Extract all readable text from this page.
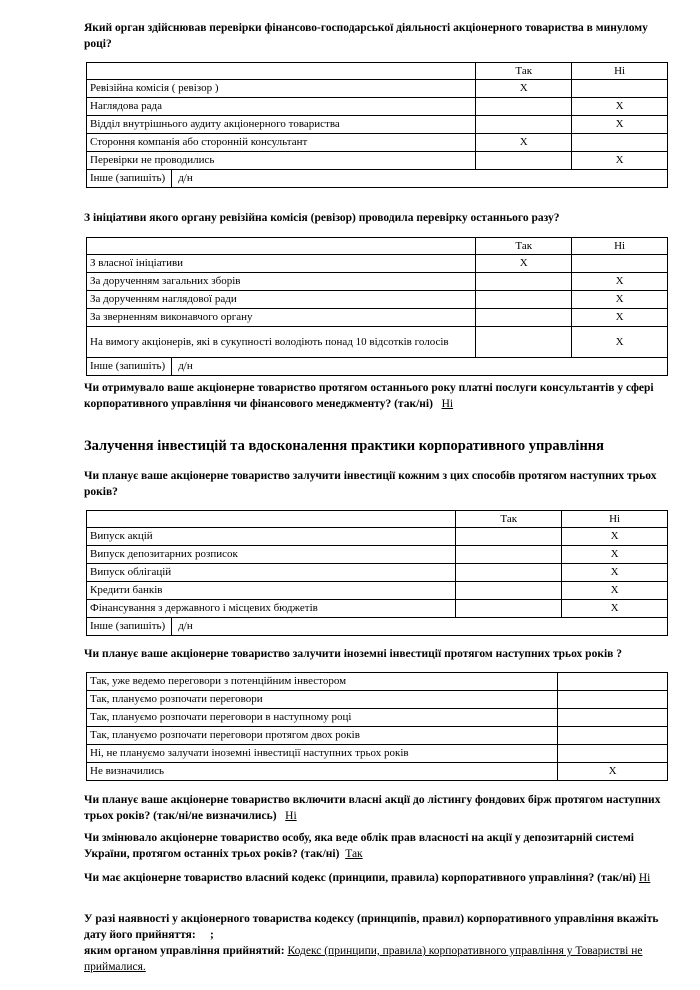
Який орган здійснював перевірки фінансово-господарської діяльності акціонерного товариства в минулому році?
	Так	Ні
Ревізійна комісія ( ревізор )	X	
Наглядова рада		X
Відділ внутрішнього аудиту акціонерного товариства		X
Стороння компанія або сторонній консультант	X	
Перевірки не проводились		X

Інше (запишіть) д/н		
З ініціативи якого органу ревізійна комісія (ревізор) проводила перевірку останнього разу?
	Так	Ні
З власної ініціативи	X	
За дорученням загальних зборів		X
За дорученням наглядової ради		X
За зверненням виконавчого органу		X
На вимогу акціонерів, які в сукупності володіють понад 10 відсотків голосів		X

Інше (запишіть) д/н		
Чи отримувало ваше акціонерне товариство протягом останнього року платні послуги консультантів у сфері корпоративного управління чи фінансового менеджменту? (так/ні) Ні
Залучення інвестицій та вдосконалення практики корпоративного управління
Чи планує ваше акціонерне товариство залучити інвестиції кожним з цих способів протягом наступних трьох років?
	Так	Ні
Випуск акцій		X
Випуск депозитарних розписок		X
Випуск облігацій		X
Кредити банків		X
Фінансування з державного і місцевих бюджетів		X

Інше (запишіть) д/н		
Чи планує ваше акціонерне товариство залучити іноземні інвестиції протягом наступних трьох років ?
Так, уже ведемо переговори з потенційним інвестором	
Так, плануємо розпочати переговори	
Так, плануємо розпочати переговори в наступному році	
Так, плануємо розпочати переговори протягом двох років	
Ні, не плануємо залучати іноземні інвестиції наступних трьох років	
Не визначились	X
Чи планує ваше акціонерне товариство включити власні акції до лістингу фондових бірж протягом наступних трьох років? (так/ні/не визначились) Ні
Чи змінювало акціонерне товариство особу, яка веде облік прав власності на акції у депозитарній системі України, протягом останніх трьох років? (так/ні) Так
Чи має акціонерне товариство власний кодекс (принципи, правила) корпоративного управління? (так/ні) Ні
У разі наявності у акціонерного товариства кодексу (принципів, правил) корпоративного управління вкажіть дату його прийняття: ;
яким органом управління прийнятий: Кодекс (принципи, правила) корпоративного управління у Товаристві не приймалися.
